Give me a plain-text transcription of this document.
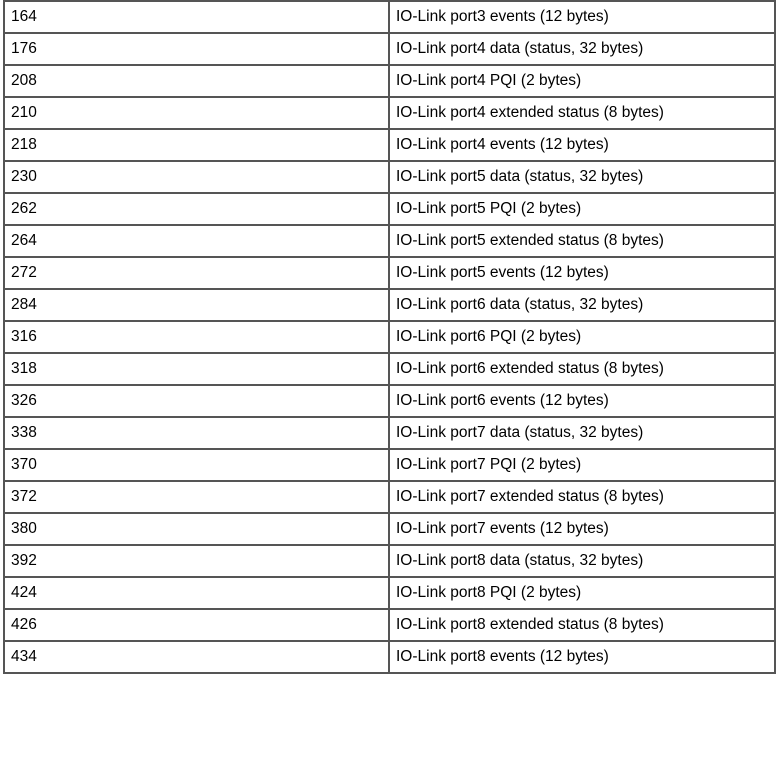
164	IO-Link port3 events (12 bytes)
176	IO-Link port4 data (status, 32 bytes)
208	IO-Link port4 PQI (2 bytes)
210	IO-Link port4 extended status (8 bytes)
218	IO-Link port4 events (12 bytes)
230	IO-Link port5 data (status, 32 bytes)
262	IO-Link port5 PQI (2 bytes)
264	IO-Link port5 extended status (8 bytes)
272	IO-Link port5 events (12 bytes)
284	IO-Link port6 data (status, 32 bytes)
316	IO-Link port6 PQI (2 bytes)
318	IO-Link port6 extended status (8 bytes)
326	IO-Link port6 events (12 bytes)
338	IO-Link port7 data (status, 32 bytes)
370	IO-Link port7 PQI (2 bytes)
372	IO-Link port7 extended status (8 bytes)
380	IO-Link port7 events (12 bytes)
392	IO-Link port8 data (status, 32 bytes)
424	IO-Link port8 PQI (2 bytes)
426	IO-Link port8 extended status (8 bytes)
434	IO-Link port8 events (12 bytes)
